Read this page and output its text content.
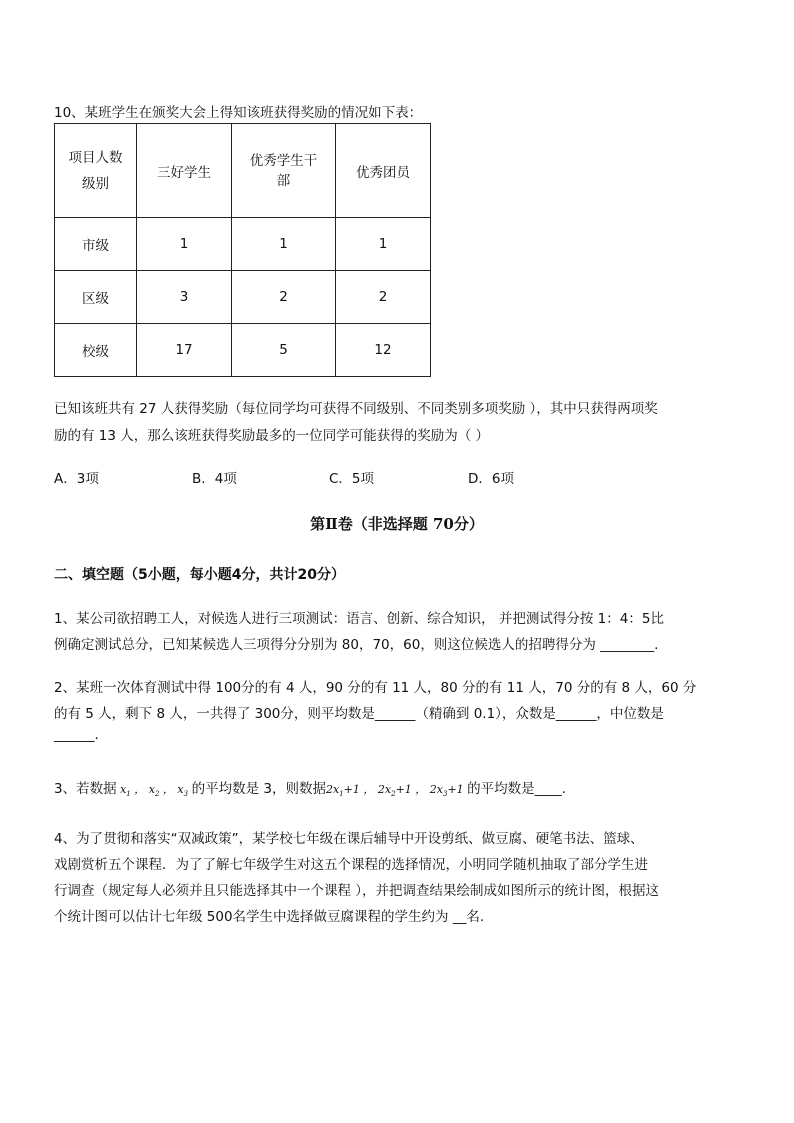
10、某班学生在颁奖大会上得知该班获得奖励的情况如下表：
项目人数
级别	三好学生	优秀学生干部	优秀团员
市级	1	1	1
区级	3	2	2
校级	17	5	12
已知该班共有 27 人获得奖励（每位同学均可获得不同级别、不同类别多项奖励 ），其中只获得两项奖
励的有 13 人，那么该班获得奖励最多的一位同学可能获得的奖励为（ ）
A．3项	B．4项	C．5项	D．6项
第Ⅱ卷（非选择题 70分）
二、填空题（5小题，每小题4分，共计20分）
1、某公司欲招聘工人，对候选人进行三项测试：语言、创新、综合知识， 并把测试得分按 1：4：5比
例确定测试总分，已知某候选人三项得分分别为 80，70，60，则这位候选人的招聘得分为 ________.
2、某班一次体育测试中得 100分的有 4 人，90 分的有 11 人，80 分的有 11 人，70 分的有 8 人，60 分
的有 5 人，剩下 8 人，一共得了 300分，则平均数是______（精确到 0.1），众数是______，中位数是
______.
3、若数据 $x_1$ ， $x_2$ ， $x_3$ 的平均数是 3，则数据$2x_1+1$ ， $2x_2+1$ ， $2x_3+1$ 的平均数是____.
4、为了贯彻和落实“双减政策”，某学校七年级在课后辅导中开设剪纸、做豆腐、硬笔书法、篮球、
戏剧赏析五个课程．为了了解七年级学生对这五个课程的选择情况，小明同学随机抽取了部分学生进
行调查（规定每人必须并且只能选择其中一个课程 ），并把调查结果绘制成如图所示的统计图，根据这
个统计图可以估计七年级 500名学生中选择做豆腐课程的学生约为 __名.
